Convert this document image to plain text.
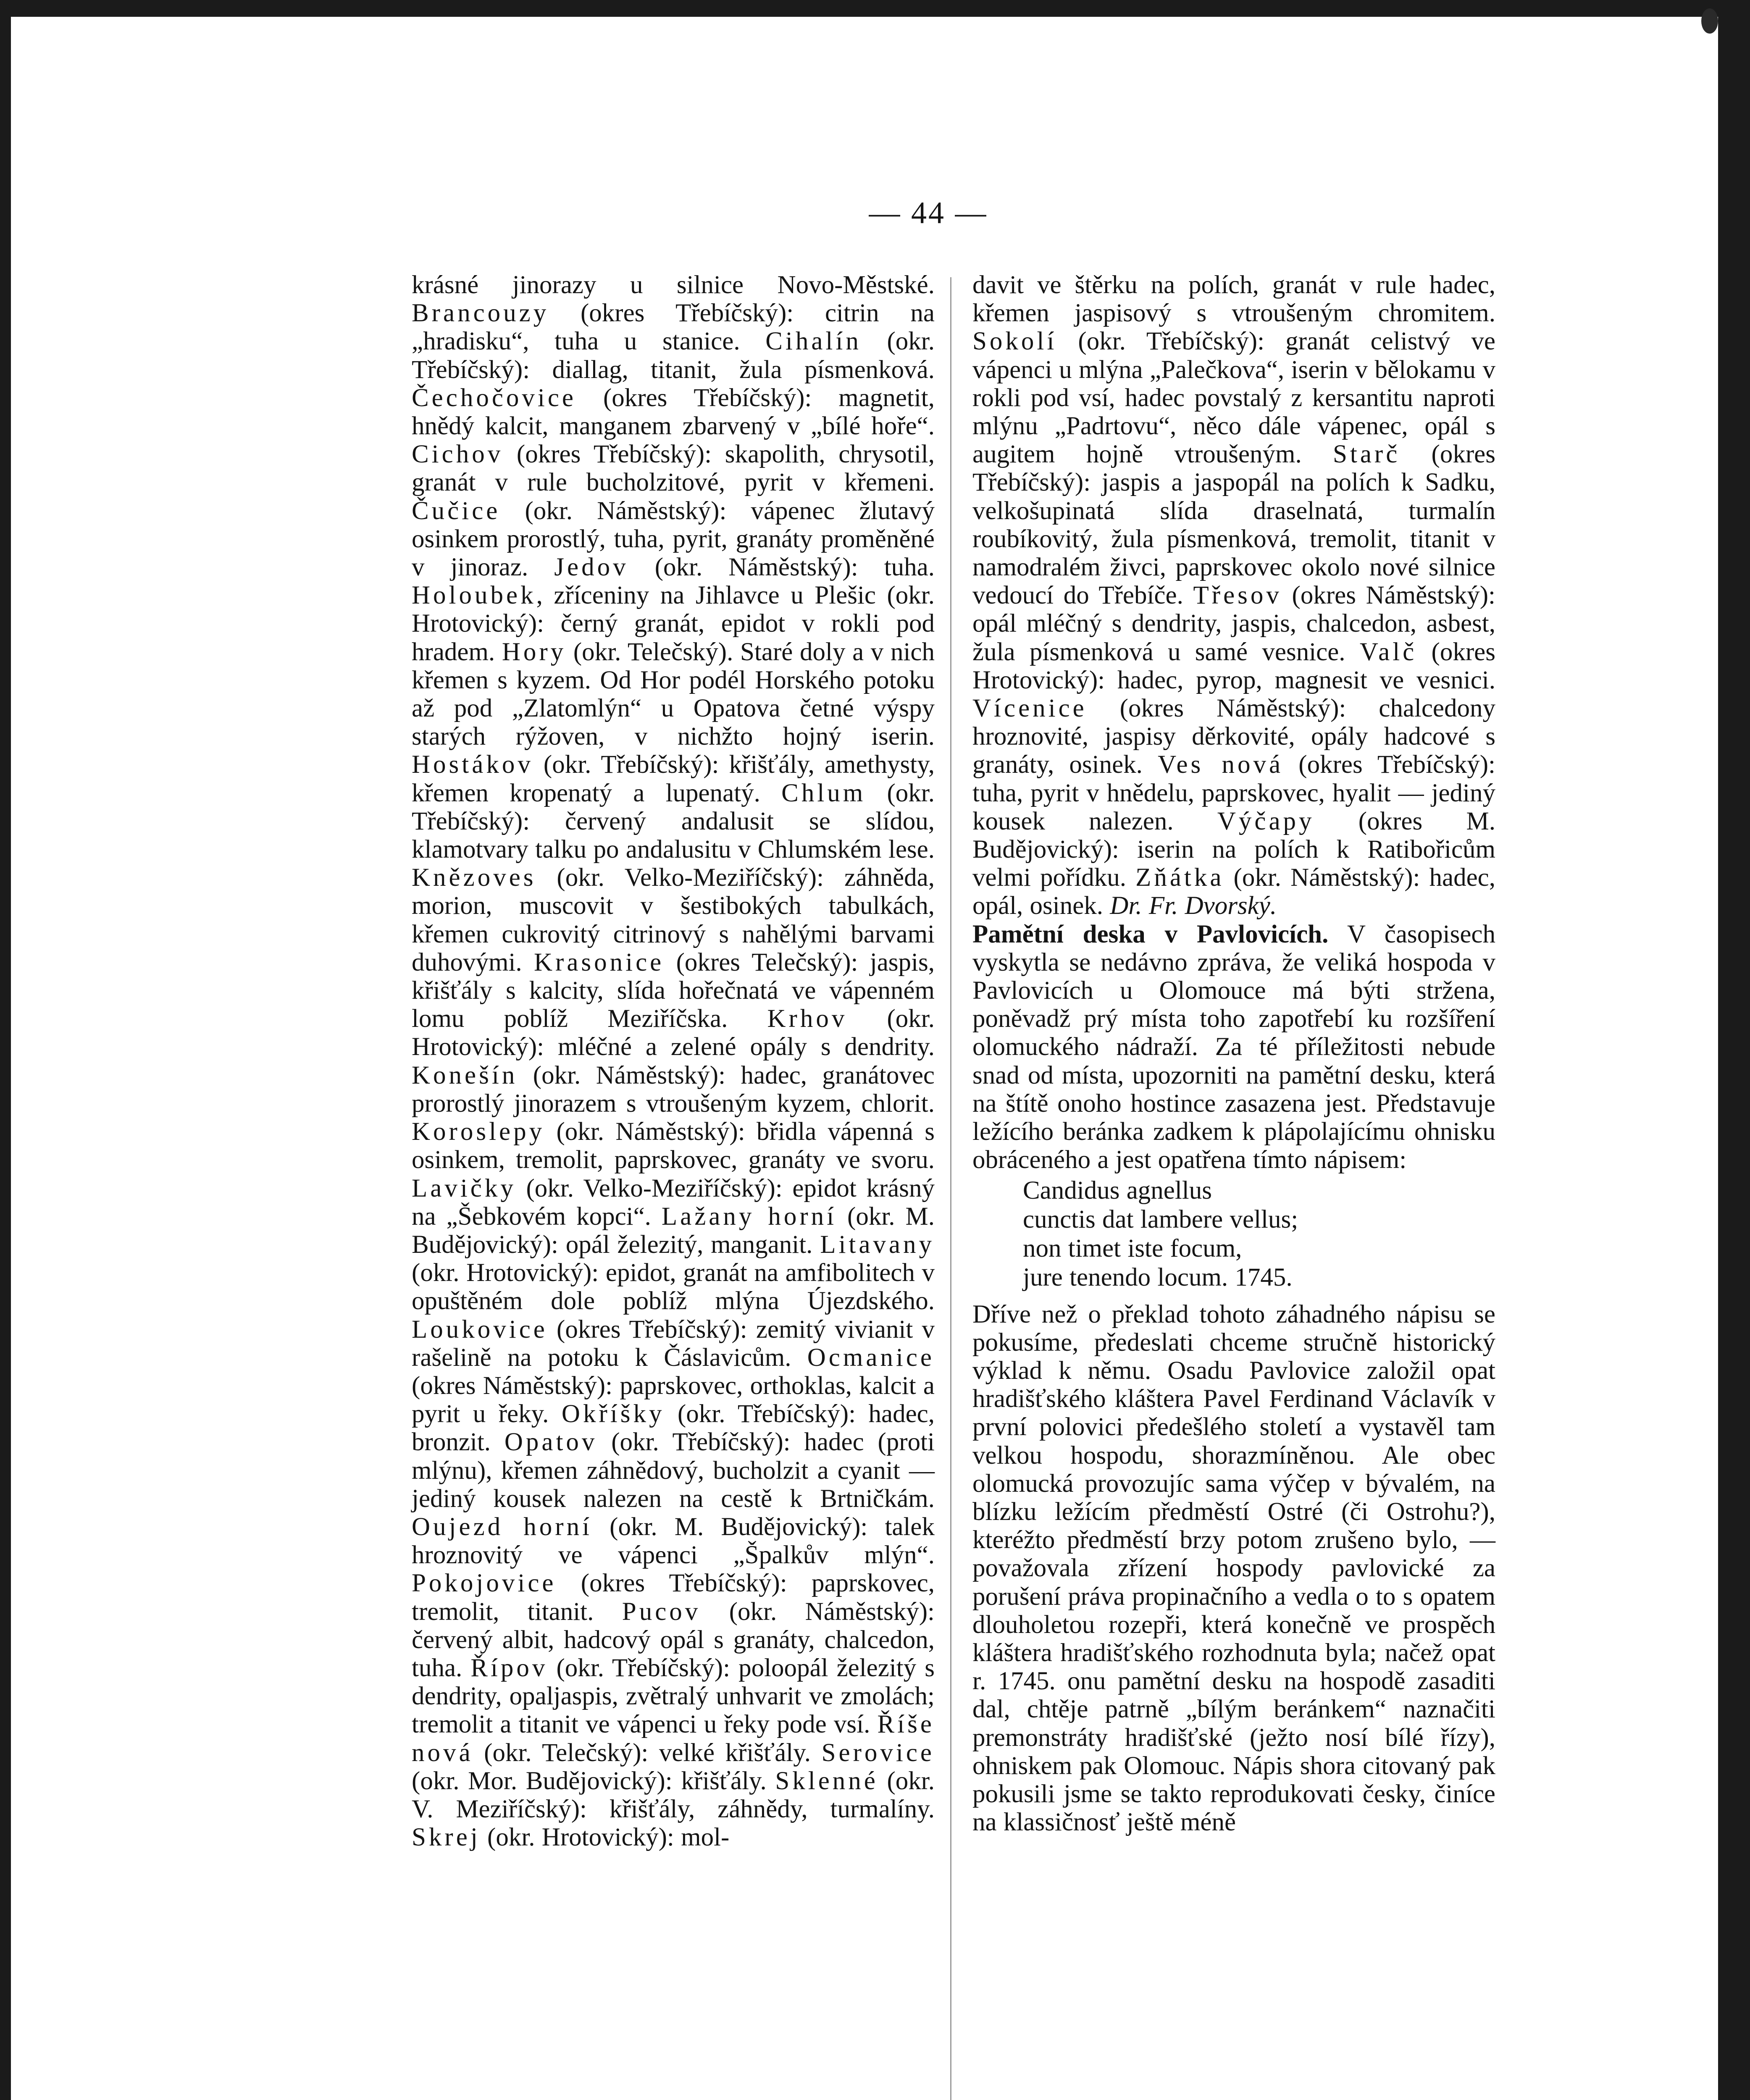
— 44 —

krásné jinorazy u silnice Novo-Městské. Brancouzy (okres Třebíčský): citrin na „hradisku“, tuha u stanice. Cihalín (okr. Třebíčský): diallag, titanit, žula písmenková. Čechočovice (okres Třebíčský): magnetit, hnědý kalcit, manganem zbarvený v „bílé hoře“. Cichov (okres Třebíčský): skapolith, chrysotil, granát v rule bucholzitové, pyrit v křemeni. Čučice (okr. Náměstský): vápenec žlutavý osinkem prorostlý, tuha, pyrit, granáty proměněné v jinoraz. Jedov (okr. Náměstský): tuha. Holoubek, zříceniny na Jihlavce u Plešic (okr. Hrotovický): černý granát, epidot v rokli pod hradem. Hory (okr. Telečský). Staré doly a v nich křemen s kyzem. Od Hor podél Horského potoku až pod „Zlatomlýn“ u Opatova četné výspy starých rýžoven, v nichžto hojný iserin. Hostákov (okr. Třebíčský): křišťály, amethysty, křemen kropenatý a lupenatý. Chlum (okr. Třebíčský): červený andalusit se slídou, klamotvary talku po andalusitu v Chlumském lese. Knězoves (okr. Velko-Meziříčský): záhněda, morion, muscovit v šestibokých tabulkách, křemen cukrovitý citrinový s nahělými barvami duhovými. Krasonice (okres Telečský): jaspis, křišťály s kalcity, slída hořečnatá ve vápenném lomu poblíž Meziříčska. Krhov (okr. Hrotovický): mléčné a zelené opály s dendrity. Konešín (okr. Náměstský): hadec, granátovec prorostlý jinorazem s vtroušeným kyzem, chlorit. Koroslepy (okr. Náměstský): břidla vápenná s osinkem, tremolit, paprskovec, granáty ve svoru. Lavičky (okr. Velko-Meziříčský): epidot krásný na „Šebkovém kopci“. Lažany horní (okr. M. Budějovický): opál železitý, manganit. Litavany (okr. Hrotovický): epidot, granát na amfibolitech v opuštěném dole poblíž mlýna Újezdského. Loukovice (okres Třebíčský): zemitý vivianit v rašelině na potoku k Čáslavicům. Ocmanice (okres Náměstský): paprskovec, orthoklas, kalcit a pyrit u řeky. Okříšky (okr. Třebíčský): hadec, bronzit. Opatov (okr. Třebíčský): hadec (proti mlýnu), křemen záhnědový, bucholzit a cyanit — jediný kousek nalezen na cestě k Brtničkám. Oujezd horní (okr. M. Budějovický): talek hroznovitý ve vápenci „Špalkův mlýn“. Pokojovice (okres Třebíčský): paprskovec, tremolit, titanit. Pucov (okr. Náměstský): červený albit, hadcový opál s granáty, chalcedon, tuha. Řípov (okr. Třebíčský): poloopál železitý s dendrity, opaljaspis, zvětralý unhvarit ve zmolách; tremolit a titanit ve vápenci u řeky pode vsí. Říše nová (okr. Telečský): velké křišťály. Serovice (okr. Mor. Budějovický): křišťály. Sklenné (okr. V. Meziříčský): křišťály, záhnědy, turmalíny. Skrej (okr. Hrotovický): mol-

davit ve štěrku na polích, granát v rule hadec, křemen jaspisový s vtroušeným chromitem. Sokolí (okr. Třebíčský): granát celistvý ve vápenci u mlýna „Palečkova“, iserin v bělokamu v rokli pod vsí, hadec povstalý z kersantitu naproti mlýnu „Padrtovu“, něco dále vápenec, opál s augitem hojně vtroušeným. Starč (okres Třebíčský): jaspis a jaspopál na polích k Sadku, velkošupinatá slída draselnatá, turmalín roubíkovitý, žula písmenková, tremolit, titanit v namodralém živci, paprskovec okolo nové silnice vedoucí do Třebíče. Třesov (okres Náměstský): opál mléčný s dendrity, jaspis, chalcedon, asbest, žula písmenková u samé vesnice. Valč (okres Hrotovický): hadec, pyrop, magnesit ve vesnici. Vícenice (okres Náměstský): chalcedony hroznovité, jaspisy děrkovité, opály hadcové s granáty, osinek. Ves nová (okres Třebíčský): tuha, pyrit v hnědelu, paprskovec, hyalit — jediný kousek nalezen. Výčapy (okres M. Budějovický): iserin na polích k Ratibořicům velmi pořídku. Zňátka (okr. Náměstský): hadec, opál, osinek. Dr. Fr. Dvorský.

Pamětní deska v Pavlovicích. V časopisech vyskytla se nedávno zpráva, že veliká hospoda v Pavlovicích u Olomouce má býti stržena, poněvadž prý místa toho zapotřebí ku rozšíření olomuckého nádraží. Za té příležitosti nebude snad od místa, upozorniti na pamětní desku, která na štítě onoho hostince zasazena jest. Představuje ležícího beránka zadkem k plápolajícímu ohnisku obráceného a jest opatřena tímto nápisem:

Candidus agnellus
cunctis dat lambere vellus;
non timet iste focum,
jure tenendo locum. 1745.

Dříve než o překlad tohoto záhadného nápisu se pokusíme, předeslati chceme stručně historický výklad k němu. Osadu Pavlovice založil opat hradišťského kláštera Pavel Ferdinand Václavík v první polovici předešlého století a vystavěl tam velkou hospodu, shorazmíněnou. Ale obec olomucká provozujíc sama výčep v bývalém, na blízku ležícím předměstí Ostré (či Ostrohu?), kteréžto předměstí brzy potom zrušeno bylo, — považovala zřízení hospody pavlovické za porušení práva propinačního a vedla o to s opatem dlouholetou rozepři, která konečně ve prospěch kláštera hradišťského rozhodnuta byla; načež opat r. 1745. onu pamětní desku na hospodě zasaditi dal, chtěje patrně „bílým beránkem“ naznačiti premonstráty hradišťské (ježto nosí bílé řízy), ohniskem pak Olomouc. Nápis shora citovaný pak pokusili jsme se takto reprodukovati česky, činíce na klassičnosť ještě méně
